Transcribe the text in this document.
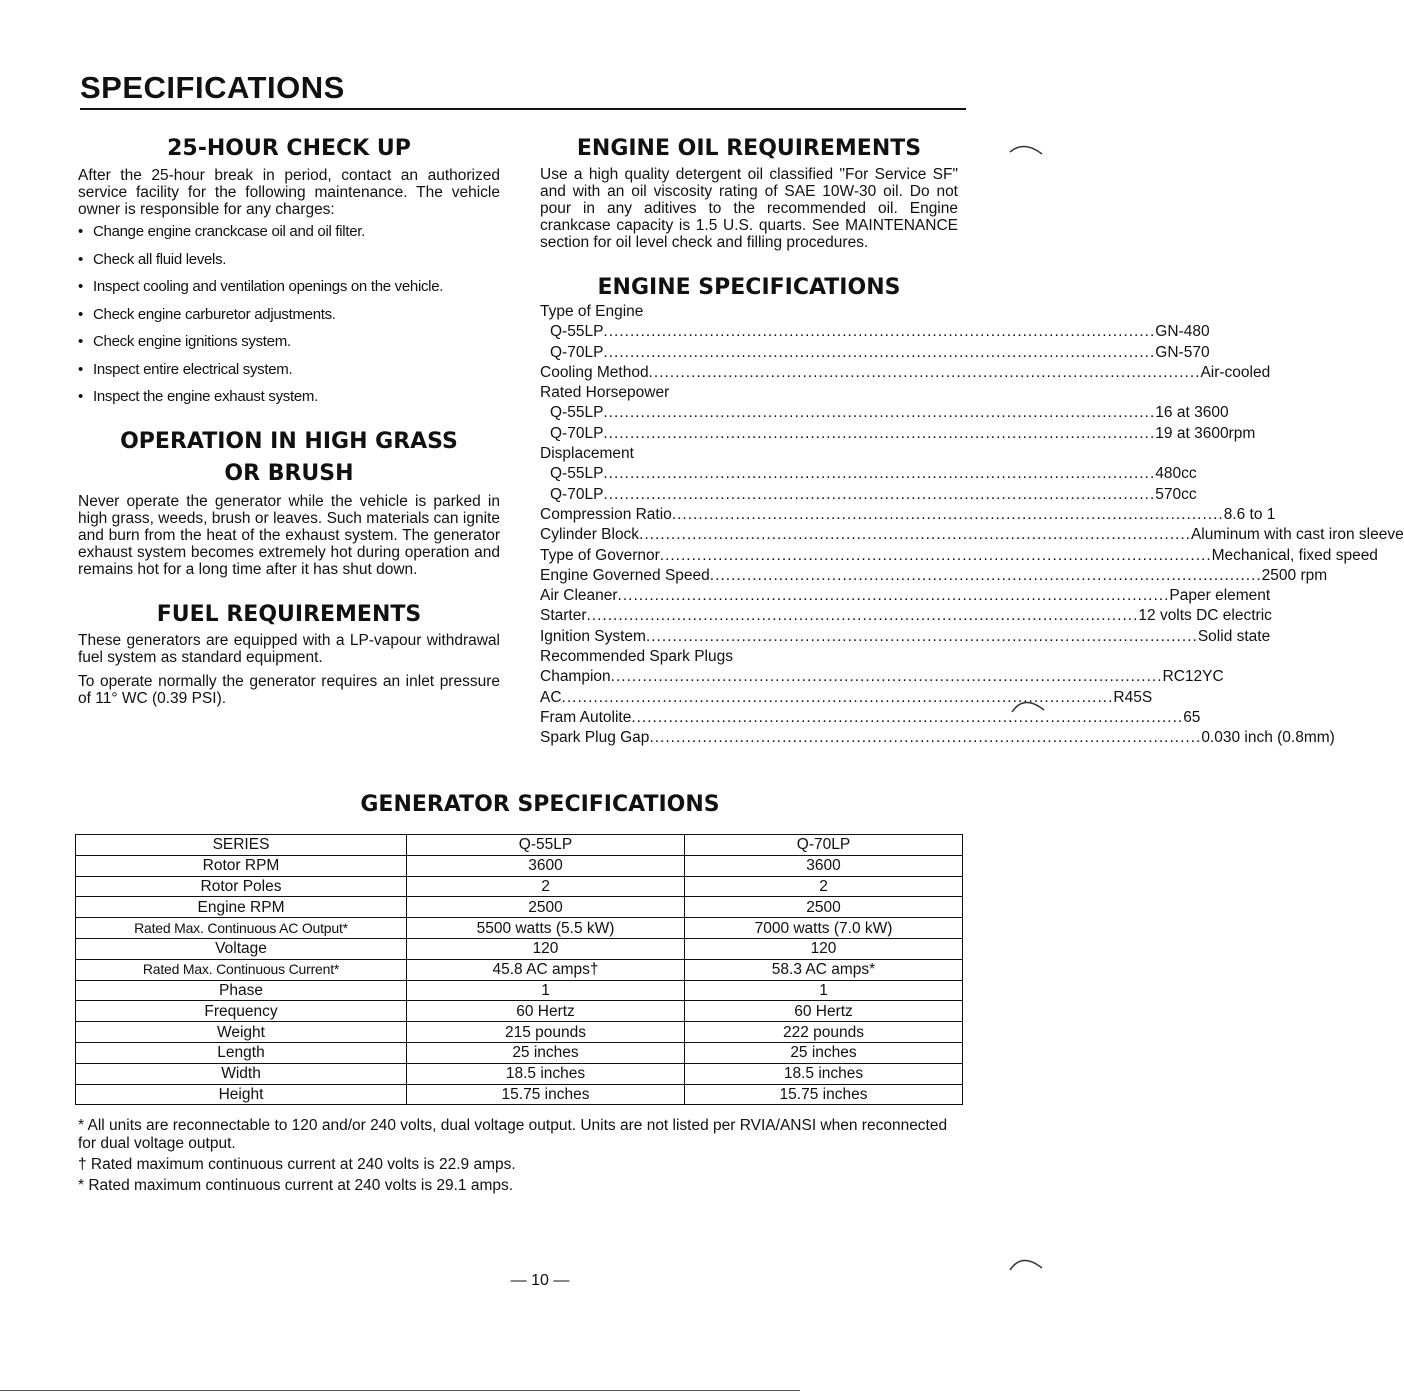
SPECIFICATIONS
25-HOUR CHECK UP

After the 25-hour break in period, contact an authorized service facility for the following maintenance. The vehicle owner is responsible for any charges:

• Change engine cranckcase oil and oil filter.
• Check all fluid levels.
• Inspect cooling and ventilation openings on the vehicle.
• Check engine carburetor adjustments.
• Check engine ignitions system.
• Inspect entire electrical system.
• Inspect the engine exhaust system.
OPERATION IN HIGH GRASS
OR BRUSH

Never operate the generator while the vehicle is parked in high grass, weeds, brush or leaves. Such materials can ignite and burn from the heat of the exhaust system. The generator exhaust system becomes extremely hot during operation and remains hot for a long time after it has shut down.

FUEL REQUIREMENTS

These generators are equipped with a LP-vapour withdrawal fuel system as standard equipment.

To operate normally the generator requires an inlet pressure of 11° WC (0.39 PSI).

ENGINE OIL REQUIREMENTS

Use a high quality detergent oil classified "For Service SF" and with an oil viscosity rating of SAE 10W-30 oil. Do not pour in any aditives to the recommended oil. Engine crankcase capacity is 1.5 U.S. quarts. See MAINTENANCE section for oil level check and filling procedures.

ENGINE SPECIFICATIONS
Type of Engine
Q-55LP ........................................................................................................ GN-480
Q-70LP ........................................................................................................ GN-570
Cooling Method ........................................................................................................ Air-cooled
Rated Horsepower
Q-55LP ........................................................................................................ 16 at 3600
Q-70LP ........................................................................................................ 19 at 3600rpm
Displacement
Q-55LP ........................................................................................................ 480cc
Q-70LP ........................................................................................................ 570cc
Compression Ratio ........................................................................................................ 8.6 to 1
Cylinder Block ........................................................................................................ Aluminum with cast iron sleeve
Type of Governor ........................................................................................................ Mechanical, fixed speed
Engine Governed Speed ........................................................................................................ 2500 rpm
Air Cleaner ........................................................................................................ Paper element
Starter ........................................................................................................ 12 volts DC electric
Ignition System ........................................................................................................ Solid state
Recommended Spark Plugs
Champion ........................................................................................................ RC12YC
AC ........................................................................................................ R45S
Fram Autolite ........................................................................................................ 65
Spark Plug Gap ........................................................................................................ 0.030 inch (0.8mm)
GENERATOR SPECIFICATIONS
SERIES	Q-55LP	Q-70LP
Rotor RPM	3600	3600
Rotor Poles	2	2
Engine RPM	2500	2500
Rated Max. Continuous AC Output*	5500 watts (5.5 kW)	7000 watts (7.0 kW)
Voltage	120	120
Rated Max. Continuous Current*	45.8 AC amps†	58.3 AC amps*
Phase	1	1
Frequency	60 Hertz	60 Hertz
Weight	215 pounds	222 pounds
Length	25 inches	25 inches
Width	18.5 inches	18.5 inches
Height	15.75 inches	15.75 inches

* All units are reconnectable to 120 and/or 240 volts, dual voltage output. Units are not listed per RVIA/ANSI when reconnected for dual voltage output.

† Rated maximum continuous current at 240 volts is 22.9 amps.

* Rated maximum continuous current at 240 volts is 29.1 amps.

— 10 —
